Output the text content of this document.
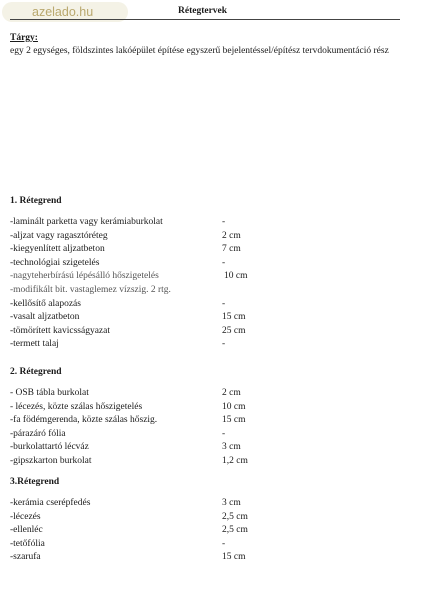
azelado.hu	Rétegtervek
Tárgy:
egy 2 egységes, földszintes lakóépület építése egyszerű bejelentéssel/építész tervdokumentáció rész
1. Rétegrend
-laminált parketta vagy kerámiaburkolat	-
-aljzat vagy ragasztóréteg	2 cm
-kiegyenlített aljzatbeton	7 cm
-technológiai szigetelés	-
-nagyteherbírású lépésálló hőszigetelés	10 cm
-modifikált bit. vastaglemez vízszig. 2 rtg.
-kellősítő alapozás	-
-vasalt aljzatbeton	15 cm
-tömörített kavicsságyazat	25 cm
-termett talaj	-
2. Rétegrend
- OSB tábla burkolat	2 cm
- lécezés, közte szálas hőszigetelés	10 cm
-fa födémgerenda, közte szálas hőszig.	15 cm
-párazáró fólia	-
-burkolattartó lécváz	3 cm
-gipszkarton burkolat	1,2 cm
3.Rétegrend
-kerámia cserépfedés	3 cm
-lécezés	2,5 cm
-ellenléc	2,5 cm
-tetőfólia	-
-szarufa	15 cm
